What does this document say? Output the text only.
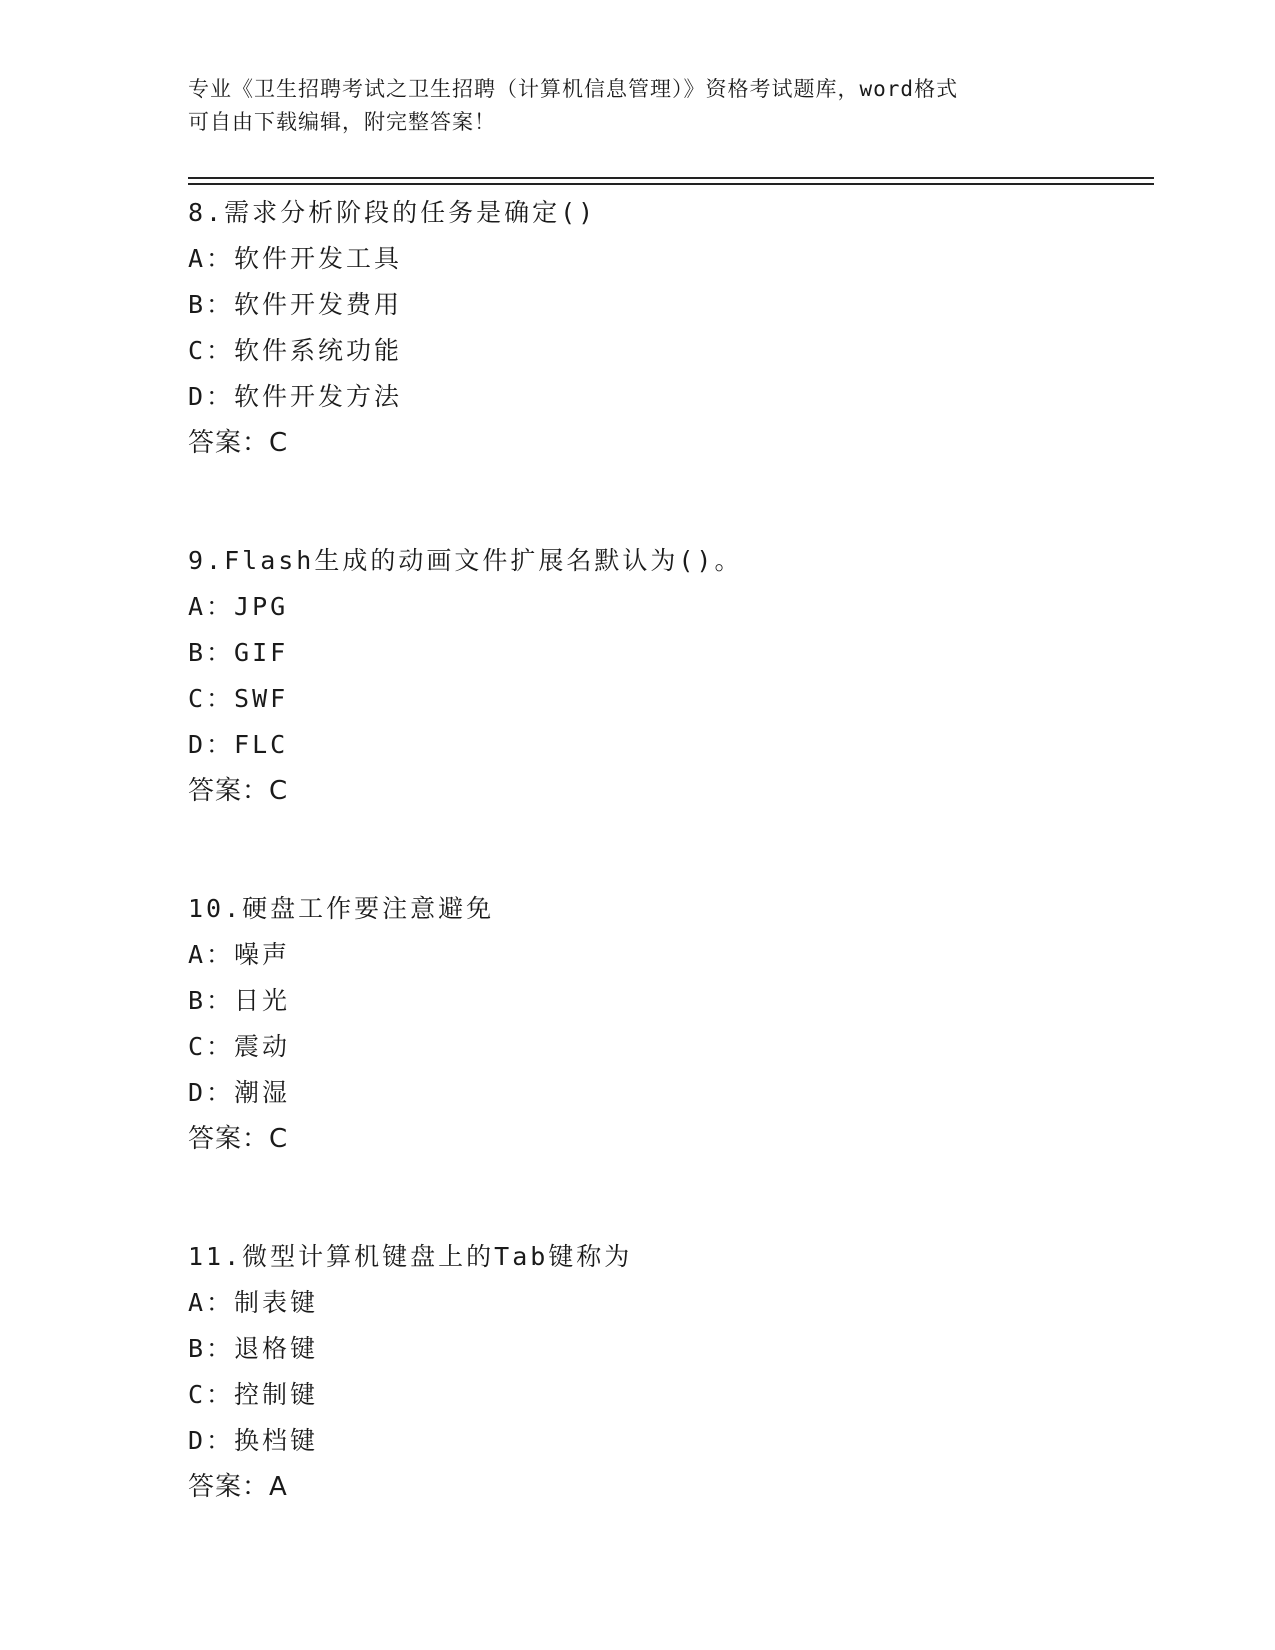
专业《卫生招聘考试之卫生招聘（计算机信息管理）》资格考试题库，word格式
可自由下载编辑，附完整答案！
8.需求分析阶段的任务是确定()
A：软件开发工具
B：软件开发费用
C：软件系统功能
D：软件开发方法
答案：C
9.Flash生成的动画文件扩展名默认为()。
A：JPG
B：GIF
C：SWF
D：FLC
答案：C
10.硬盘工作要注意避免
A：噪声
B：日光
C：震动
D：潮湿
答案：C
11.微型计算机键盘上的Tab键称为
A：制表键
B：退格键
C：控制键
D：换档键
答案：A
